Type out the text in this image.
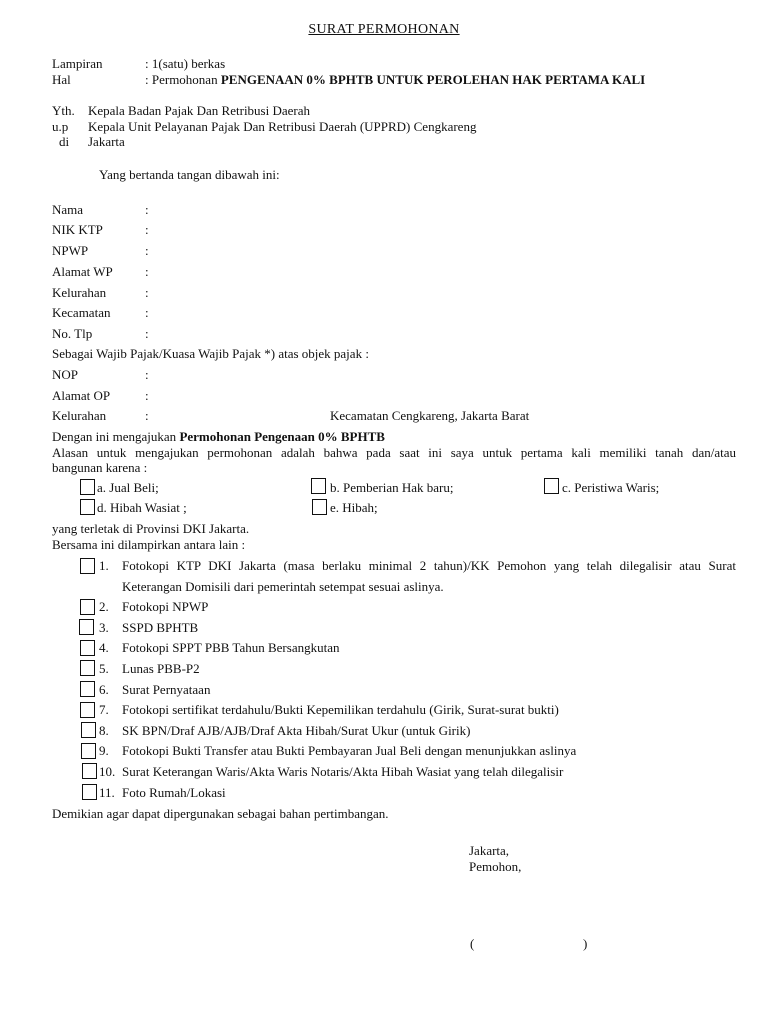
SURAT PERMOHONAN
Lampiran	: 1(satu) berkas
Hal	: Permohonan PENGENAAN 0% BPHTB UNTUK PEROLEHAN HAK PERTAMA KALI
Yth. Kepala Badan Pajak Dan Retribusi Daerah
u.p Kepala Unit Pelayanan Pajak Dan Retribusi Daerah (UPPRD) Cengkareng
di Jakarta
Yang bertanda tangan dibawah ini:
Nama	:
NIK KTP	:
NPWP	:
Alamat WP :
Kelurahan	:
Kecamatan	:
No. Tlp	:
Sebagai Wajib Pajak/Kuasa Wajib Pajak *) atas objek pajak :
NOP	:
Alamat OP	:
Kelurahan	:	Kecamatan Cengkareng, Jakarta Barat
Dengan ini mengajukan Permohonan Pengenaan 0% BPHTB
Alasan untuk mengajukan permohonan adalah bahwa pada saat ini saya untuk pertama kali memiliki tanah dan/atau
bangunan karena :
a. Jual Beli;	b. Pemberian Hak baru;	c. Peristiwa Waris;
d. Hibah Wasiat ;	e. Hibah;
yang terletak di Provinsi DKI Jakarta.
Bersama ini dilampirkan antara lain :
1. Fotokopi KTP DKI Jakarta (masa berlaku minimal 2 tahun)/KK Pemohon yang telah dilegalisir atau Surat
Keterangan Domisili dari pemerintah setempat sesuai aslinya.
2. Fotokopi NPWP
3. SSPD BPHTB
4. Fotokopi SPPT PBB Tahun Bersangkutan
5. Lunas PBB-P2
6. Surat Pernyataan
7. Fotokopi sertifikat terdahulu/Bukti Kepemilikan terdahulu (Girik, Surat-surat bukti)
8. SK BPN/Draf AJB/AJB/Draf Akta Hibah/Surat Ukur (untuk Girik)
9. Fotokopi Bukti Transfer atau Bukti Pembayaran Jual Beli dengan menunjukkan aslinya
10. Surat Keterangan Waris/Akta Waris Notaris/Akta Hibah Wasiat yang telah dilegalisir
11. Foto Rumah/Lokasi
Demikian agar dapat dipergunakan sebagai bahan pertimbangan.
Jakarta,
Pemohon,
(	)
